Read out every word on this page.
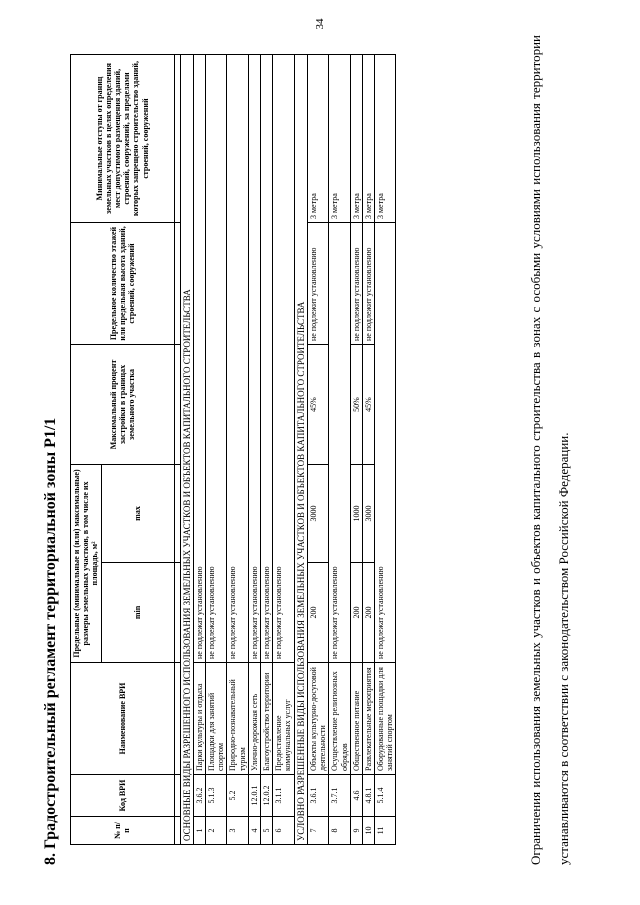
34
8. Градостроительный регламент территориальной зоны Р1/1	№ п/п	Код ВРИ	Наименование ВРИ	Предельные (минимальные и (или) максимальные) размеры земельных участков, в том числе их площадь, м²		Максимальный процент застройки в границах земельного участка	Предельное количество этажей или предельная высота зданий, строений, сооружений	Минимальные отступы от границ земельных участков в целях определения мест допустимого размещения зданий, строений, сооружений, за пределами которых запрещено строительство зданий, строений, сооружений
			min	max			

ОСНОВНЫЕ ВИДЫ РАЗРЕШЕННОГО ИСПОЛЬЗОВАНИЯ ЗЕМЕЛЬНЫХ УЧАСТКОВ И ОБЪЕКТОВ КАПИТАЛЬНОГО СТРОИТЕЛЬСТВА							
1	3.6.2	Парки культуры и отдыха	не подлежат установлению				
2	5.1.3	Площадки для занятий спортом	не подлежат установлению				
3	5.2	Природно-познавательный туризм	не подлежат установлению				
4	12.0.1	Улично-дорожная сеть	не подлежат установлению				
5	12.0.2	Благоустройство территории	не подлежат установлению				
6	3.1.1	Предоставление коммунальных услуг	не подлежат установлению				
УСЛОВНО РАЗРЕШЕННЫЕ ВИДЫ ИСПОЛЬЗОВАНИЯ ЗЕМЕЛЬНЫХ УЧАСТКОВ И ОБЪЕКТОВ КАПИТАЛЬНОГО СТРОИТЕЛЬСТВА							
7	3.6.1	Объекты культурно-досуговой деятельности	200	3000	45%	не подлежит установлению	3 метра
8	3.7.1	Осуществление религиозных обрядов	не подлежат установлению				3 метра
9	4.6	Общественное питание	200	1000	50%	не подлежит установлению	3 метра
10	4.8.1	Развлекательные мероприятия	200	3000	45%	не подлежит установлению	3 метра
11	5.1.4	Оборудованные площадки для занятий спортом	не подлежат установлению				3 метра	Ограничения использования земельных участков и объектов капитального строительства в зонах с особыми условиями использования территории устанавливаются в соответствии с законодательством Российской Федерации.
